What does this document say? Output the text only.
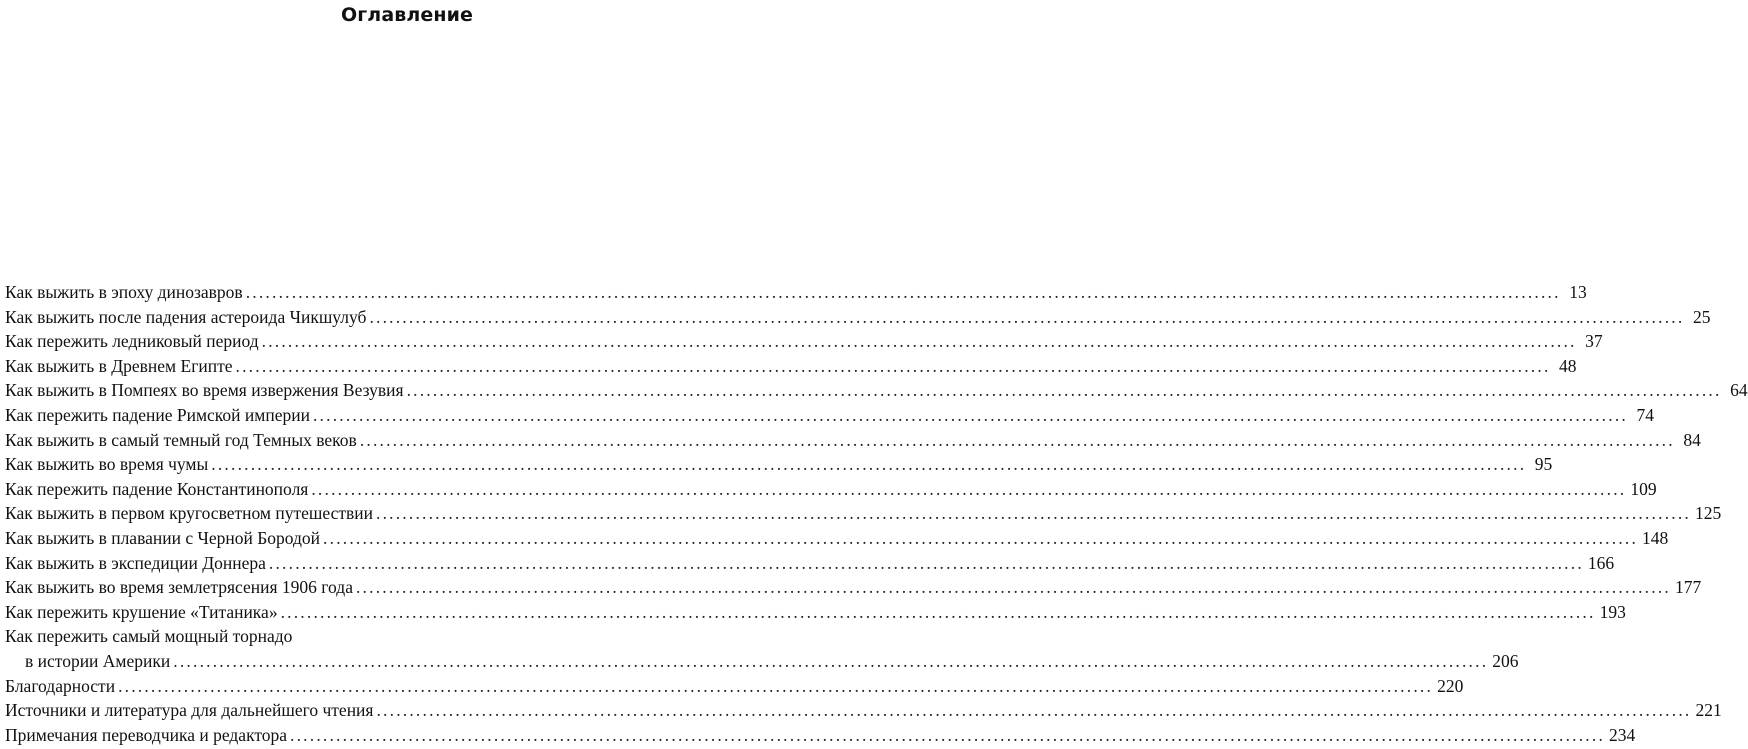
Оглавление
Как выжить в эпоху динозавров ........................................................................................................................................................................................................ 13
Как выжить после падения астероида Чикшулуб ........................................................................................................................................................................................................ 25
Как пережить ледниковый период ........................................................................................................................................................................................................ 37
Как выжить в Древнем Египте ........................................................................................................................................................................................................ 48
Как выжить в Помпеях во время извержения Везувия ........................................................................................................................................................................................................ 64
Как пережить падение Римской империи ........................................................................................................................................................................................................ 74
Как выжить в самый темный год Темных веков ........................................................................................................................................................................................................ 84
Как выжить во время чумы ........................................................................................................................................................................................................ 95
Как пережить падение Константинополя ........................................................................................................................................................................................................ 109
Как выжить в первом кругосветном путешествии ........................................................................................................................................................................................................ 125
Как выжить в плавании с Черной Бородой ........................................................................................................................................................................................................ 148
Как выжить в экспедиции Доннера ........................................................................................................................................................................................................ 166
Как выжить во время землетрясения 1906 года ........................................................................................................................................................................................................ 177
Как пережить крушение «Титаника» ........................................................................................................................................................................................................ 193
Как пережить самый мощный торнадо
в истории Америки ........................................................................................................................................................................................................ 206
Благодарности ........................................................................................................................................................................................................ 220
Источники и литература для дальнейшего чтения ........................................................................................................................................................................................................ 221
Примечания переводчика и редактора ........................................................................................................................................................................................................ 234
